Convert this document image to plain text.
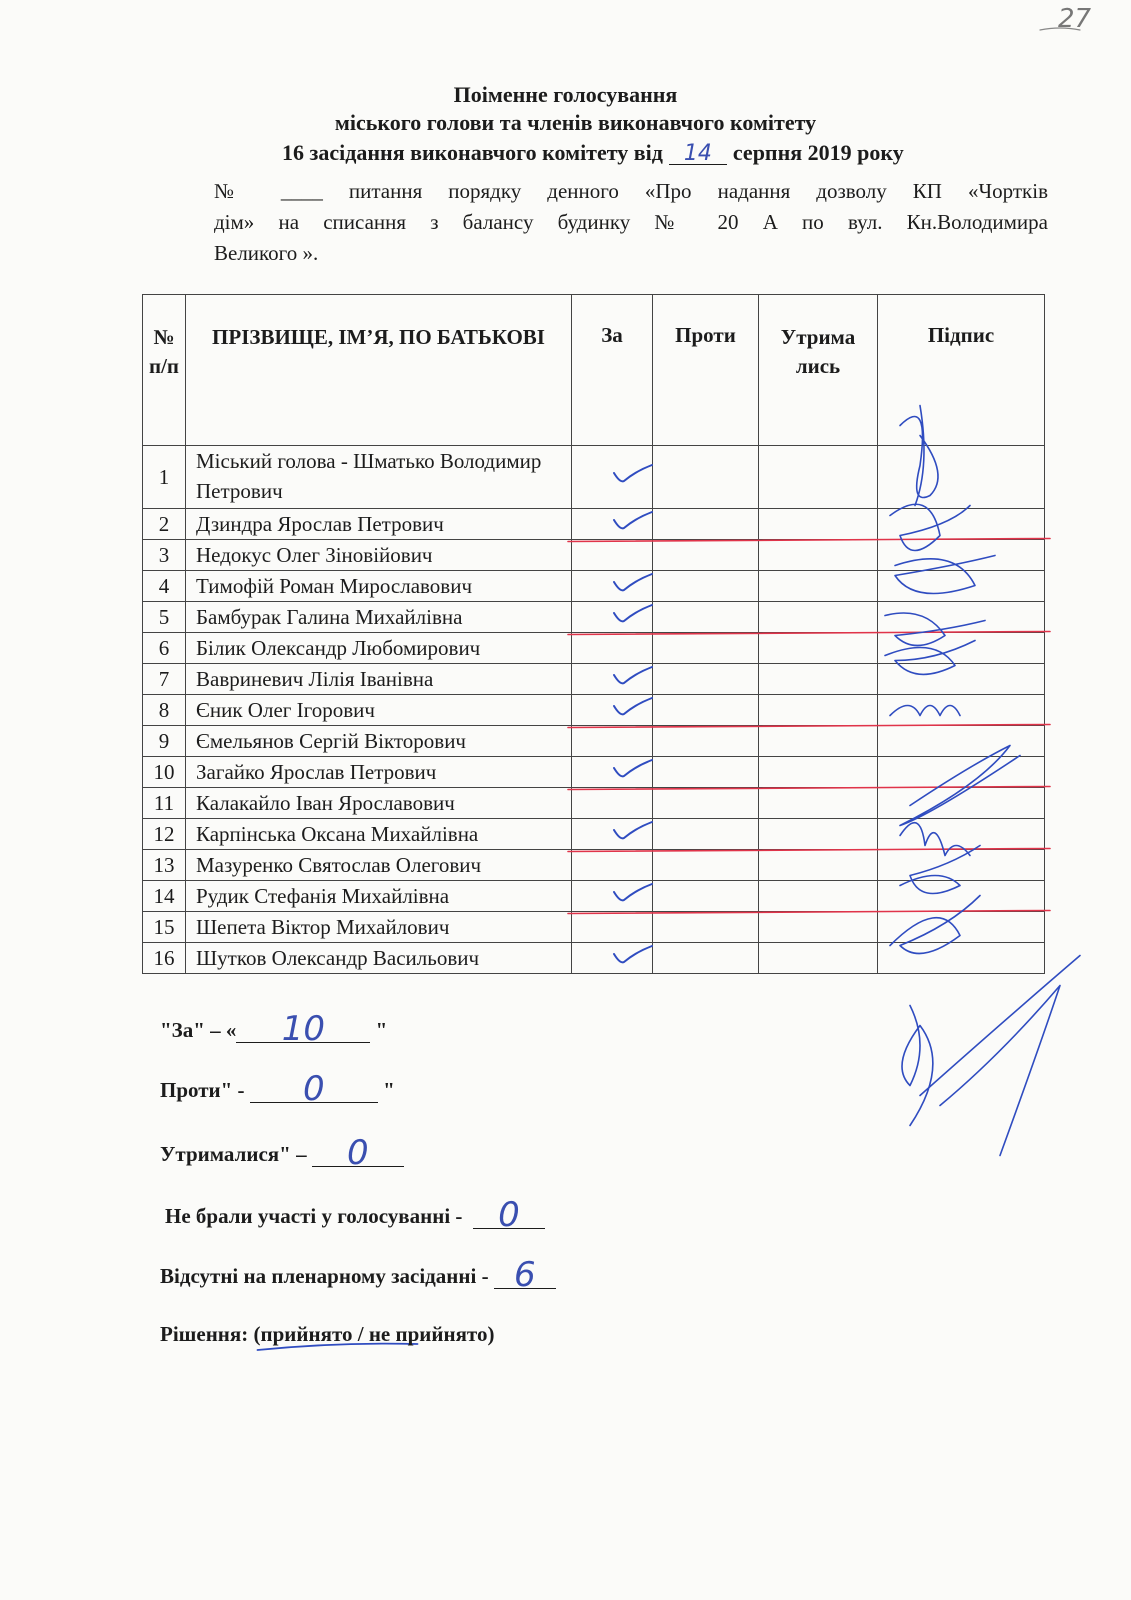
27
Поіменне голосування
міського голови та членів виконавчого комітету
16 засідання виконавчого комітету від 14 серпня 2019 року
№ ____ питання порядку денного «Про надання дозволу КП «Чортків
дім» на списання з балансу будинку № 20 А по вул. Кн.Володимира
Великого ».
№ п/п	ПРІЗВИЩЕ, ІМ’Я, ПО БАТЬКОВІ	За	Проти	Утрима лись	Підпис
1	Міський голова - Шматько Володимир Петрович				
2	Дзиндра Ярослав Петрович				
3	Недокус Олег Зіновійович				
4	Тимофій Роман Мирославович				
5	Бамбурак Галина Михайлівна				
6	Білик Олександр Любомирович				
7	Вавриневич Лілія Іванівна				
8	Єник Олег Ігорович				
9	Ємельянов Сергій Вікторович				
10	Загайко Ярослав Петрович				
11	Калакайло Іван Ярославович				
12	Карпінська Оксана Михайлівна				
13	Мазуренко Святослав Олегович				
14	Рудик Стефанія Михайлівна				
15	Шепета Віктор Михайлович				
16	Шутков Олександр Васильович				
"За" – « 10 "
Проти" - 0	"
Утрималися" – 0
Не брали участі у голосуванні - 0
Відсутні на пленарному засіданні - 6
Рішення: (прийнято / не прийнято)
